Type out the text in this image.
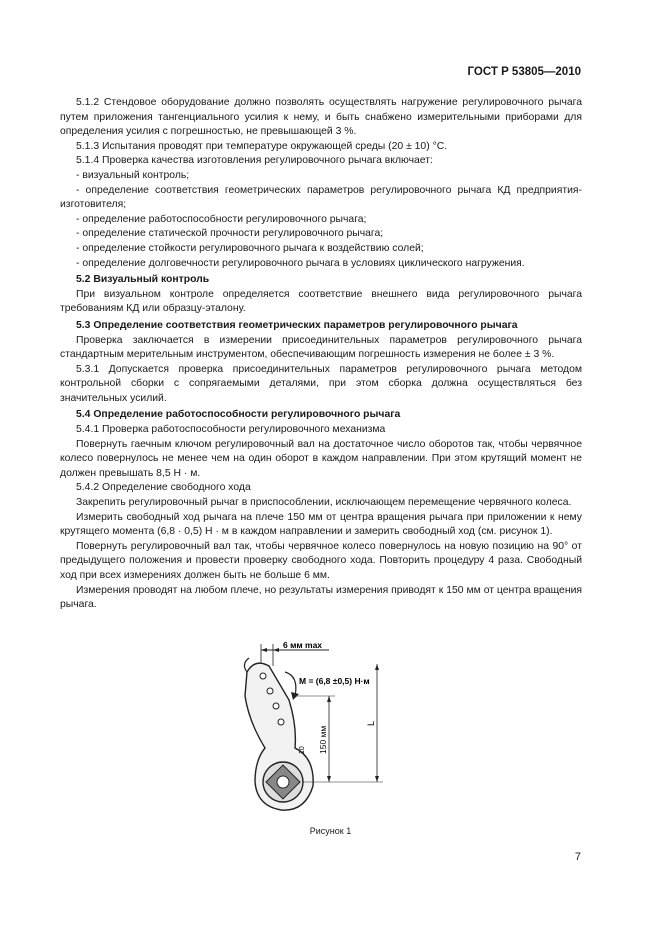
ГОСТ Р 53805—2010

5.1.2 Стендовое оборудование должно позволять осуществлять нагружение регулировочного рычага путем приложения тангенциального усилия к нему, и быть снабжено измерительными приборами для определения усилия с погрешностью, не превышающей 3 %.

5.1.3 Испытания проводят при температуре окружающей среды (20 ± 10) °С.

5.1.4 Проверка качества изготовления регулировочного рычага включает:

- визуальный контроль;

- определение соответствия геометрических параметров регулировочного рычага КД предприятия-изготовителя;

- определение работоспособности регулировочного рычага;

- определение статической прочности регулировочного рычага;

- определение стойкости регулировочного рычага к воздействию солей;

- определение долговечности регулировочного рычага в условиях циклического нагружения.

5.2 Визуальный контроль

При визуальном контроле определяется соответствие внешнего вида регулировочного рычага требованиям КД или образцу-эталону.

5.3 Определение соответствия геометрических параметров регулировочного рычага

Проверка заключается в измерении присоединительных параметров регулировочного рычага стандартным мерительным инструментом, обеспечивающим погрешность измерения не более ± 3 %.

5.3.1 Допускается проверка присоединительных параметров регулировочного рычага методом контрольной сборки с сопрягаемыми деталями, при этом сборка должна осуществляться без значительных усилий.

5.4 Определение работоспособности регулировочного рычага

5.4.1 Проверка работоспособности регулировочного механизма

Повернуть гаечным ключом регулировочный вал на достаточное число оборотов так, чтобы червячное колесо повернулось не менее чем на один оборот в каждом направлении. При этом крутящий момент не должен превышать 8,5 Н · м.

5.4.2 Определение свободного хода

Закрепить регулировочный рычаг в приспособлении, исключающем перемещение червячного колеса.

Измерить свободный ход рычага на плече 150 мм от центра вращения рычага при приложении к нему крутящего момента (6,8 · 0,5) Н · м в каждом направлении и замерить свободный ход (см. рисунок 1).

Повернуть регулировочный вал так, чтобы червячное колесо повернулось на новую позицию на 90° от предыдущего положения и провести проверку свободного хода. Повторить процедуру 4 раза. Свободный ход при всех измерениях должен быть не больше 6 мм.

Измерения проводят на любом плече, но результаты измерения приводят к 150 мм от центра вращения рычага.

6 мм max
M = (6,8 ±0,5) Н·м
150 мм
L
10
Рисунок 1
7
